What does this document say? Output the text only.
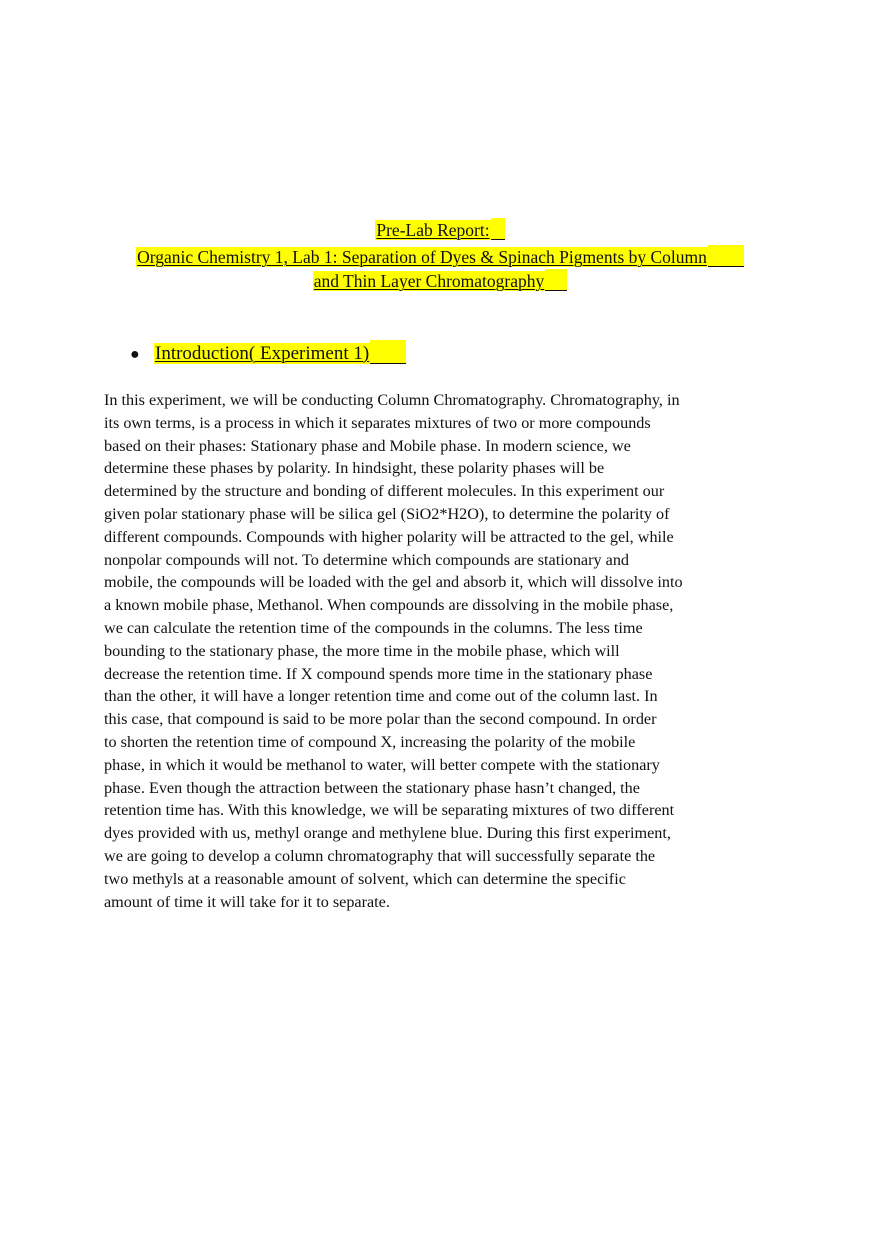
Pre-Lab Report:
Organic Chemistry 1, Lab 1: Separation of Dyes & Spinach Pigments by Column
and Thin Layer Chromatography
● Introduction( Experiment 1)
In this experiment, we will be conducting Column Chromatography. Chromatography, in
its own terms, is a process in which it separates mixtures of two or more compounds
based on their phases: Stationary phase and Mobile phase. In modern science, we
determine these phases by polarity. In hindsight, these polarity phases will be
determined by the structure and bonding of different molecules. In this experiment our
given polar stationary phase will be silica gel (SiO2*H2O), to determine the polarity of
different compounds. Compounds with higher polarity will be attracted to the gel, while
nonpolar compounds will not. To determine which compounds are stationary and
mobile, the compounds will be loaded with the gel and absorb it, which will dissolve into
a known mobile phase, Methanol. When compounds are dissolving in the mobile phase,
we can calculate the retention time of the compounds in the columns. The less time
bounding to the stationary phase, the more time in the mobile phase, which will
decrease the retention time. If X compound spends more time in the stationary phase
than the other, it will have a longer retention time and come out of the column last. In
this case, that compound is said to be more polar than the second compound. In order
to shorten the retention time of compound X, increasing the polarity of the mobile
phase, in which it would be methanol to water, will better compete with the stationary
phase. Even though the attraction between the stationary phase hasn’t changed, the
retention time has. With this knowledge, we will be separating mixtures of two different
dyes provided with us, methyl orange and methylene blue. During this first experiment,
we are going to develop a column chromatography that will successfully separate the
two methyls at a reasonable amount of solvent, which can determine the specific
amount of time it will take for it to separate.
